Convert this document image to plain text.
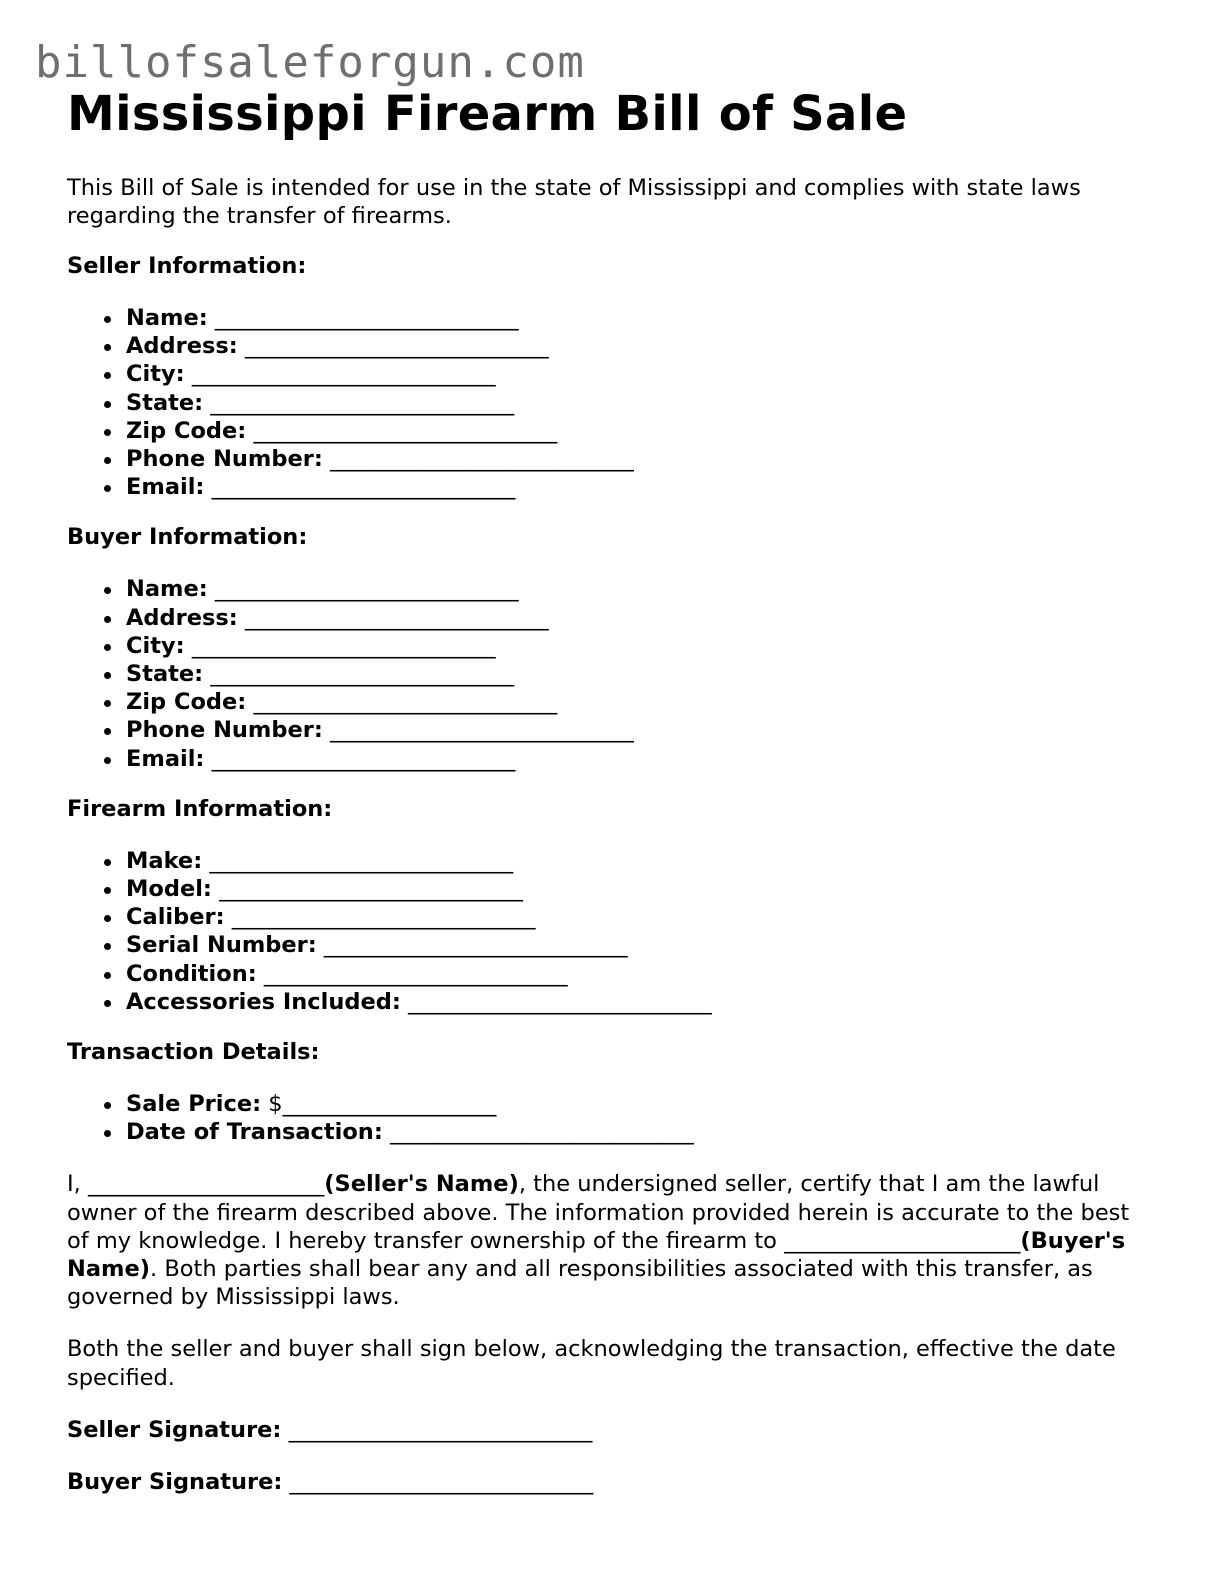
billofsaleforgun.com
Mississippi Firearm Bill of Sale

This Bill of Sale is intended for use in the state of Mississippi and complies with state laws regarding the transfer of firearms.

Seller Information:

Name: ___________________________
Address: ___________________________
City: ___________________________
State: ___________________________
Zip Code: ___________________________
Phone Number: ___________________________
Email: ___________________________

Buyer Information:

Name: ___________________________
Address: ___________________________
City: ___________________________
State: ___________________________
Zip Code: ___________________________
Phone Number: ___________________________
Email: ___________________________

Firearm Information:

Make: ___________________________
Model: ___________________________
Caliber: ___________________________
Serial Number: ___________________________
Condition: ___________________________
Accessories Included: ___________________________

Transaction Details:

Sale Price: $___________________
Date of Transaction: ___________________________

I, _____________________(Seller's Name), the undersigned seller, certify that I am the lawful owner of the firearm described above. The information provided herein is accurate to the best of my knowledge. I hereby transfer ownership of the firearm to _____________________(Buyer's Name). Both parties shall bear any and all responsibilities associated with this transfer, as governed by Mississippi laws.

Both the seller and buyer shall sign below, acknowledging the transaction, effective the date specified.

Seller Signature: ___________________________

Buyer Signature: ___________________________
